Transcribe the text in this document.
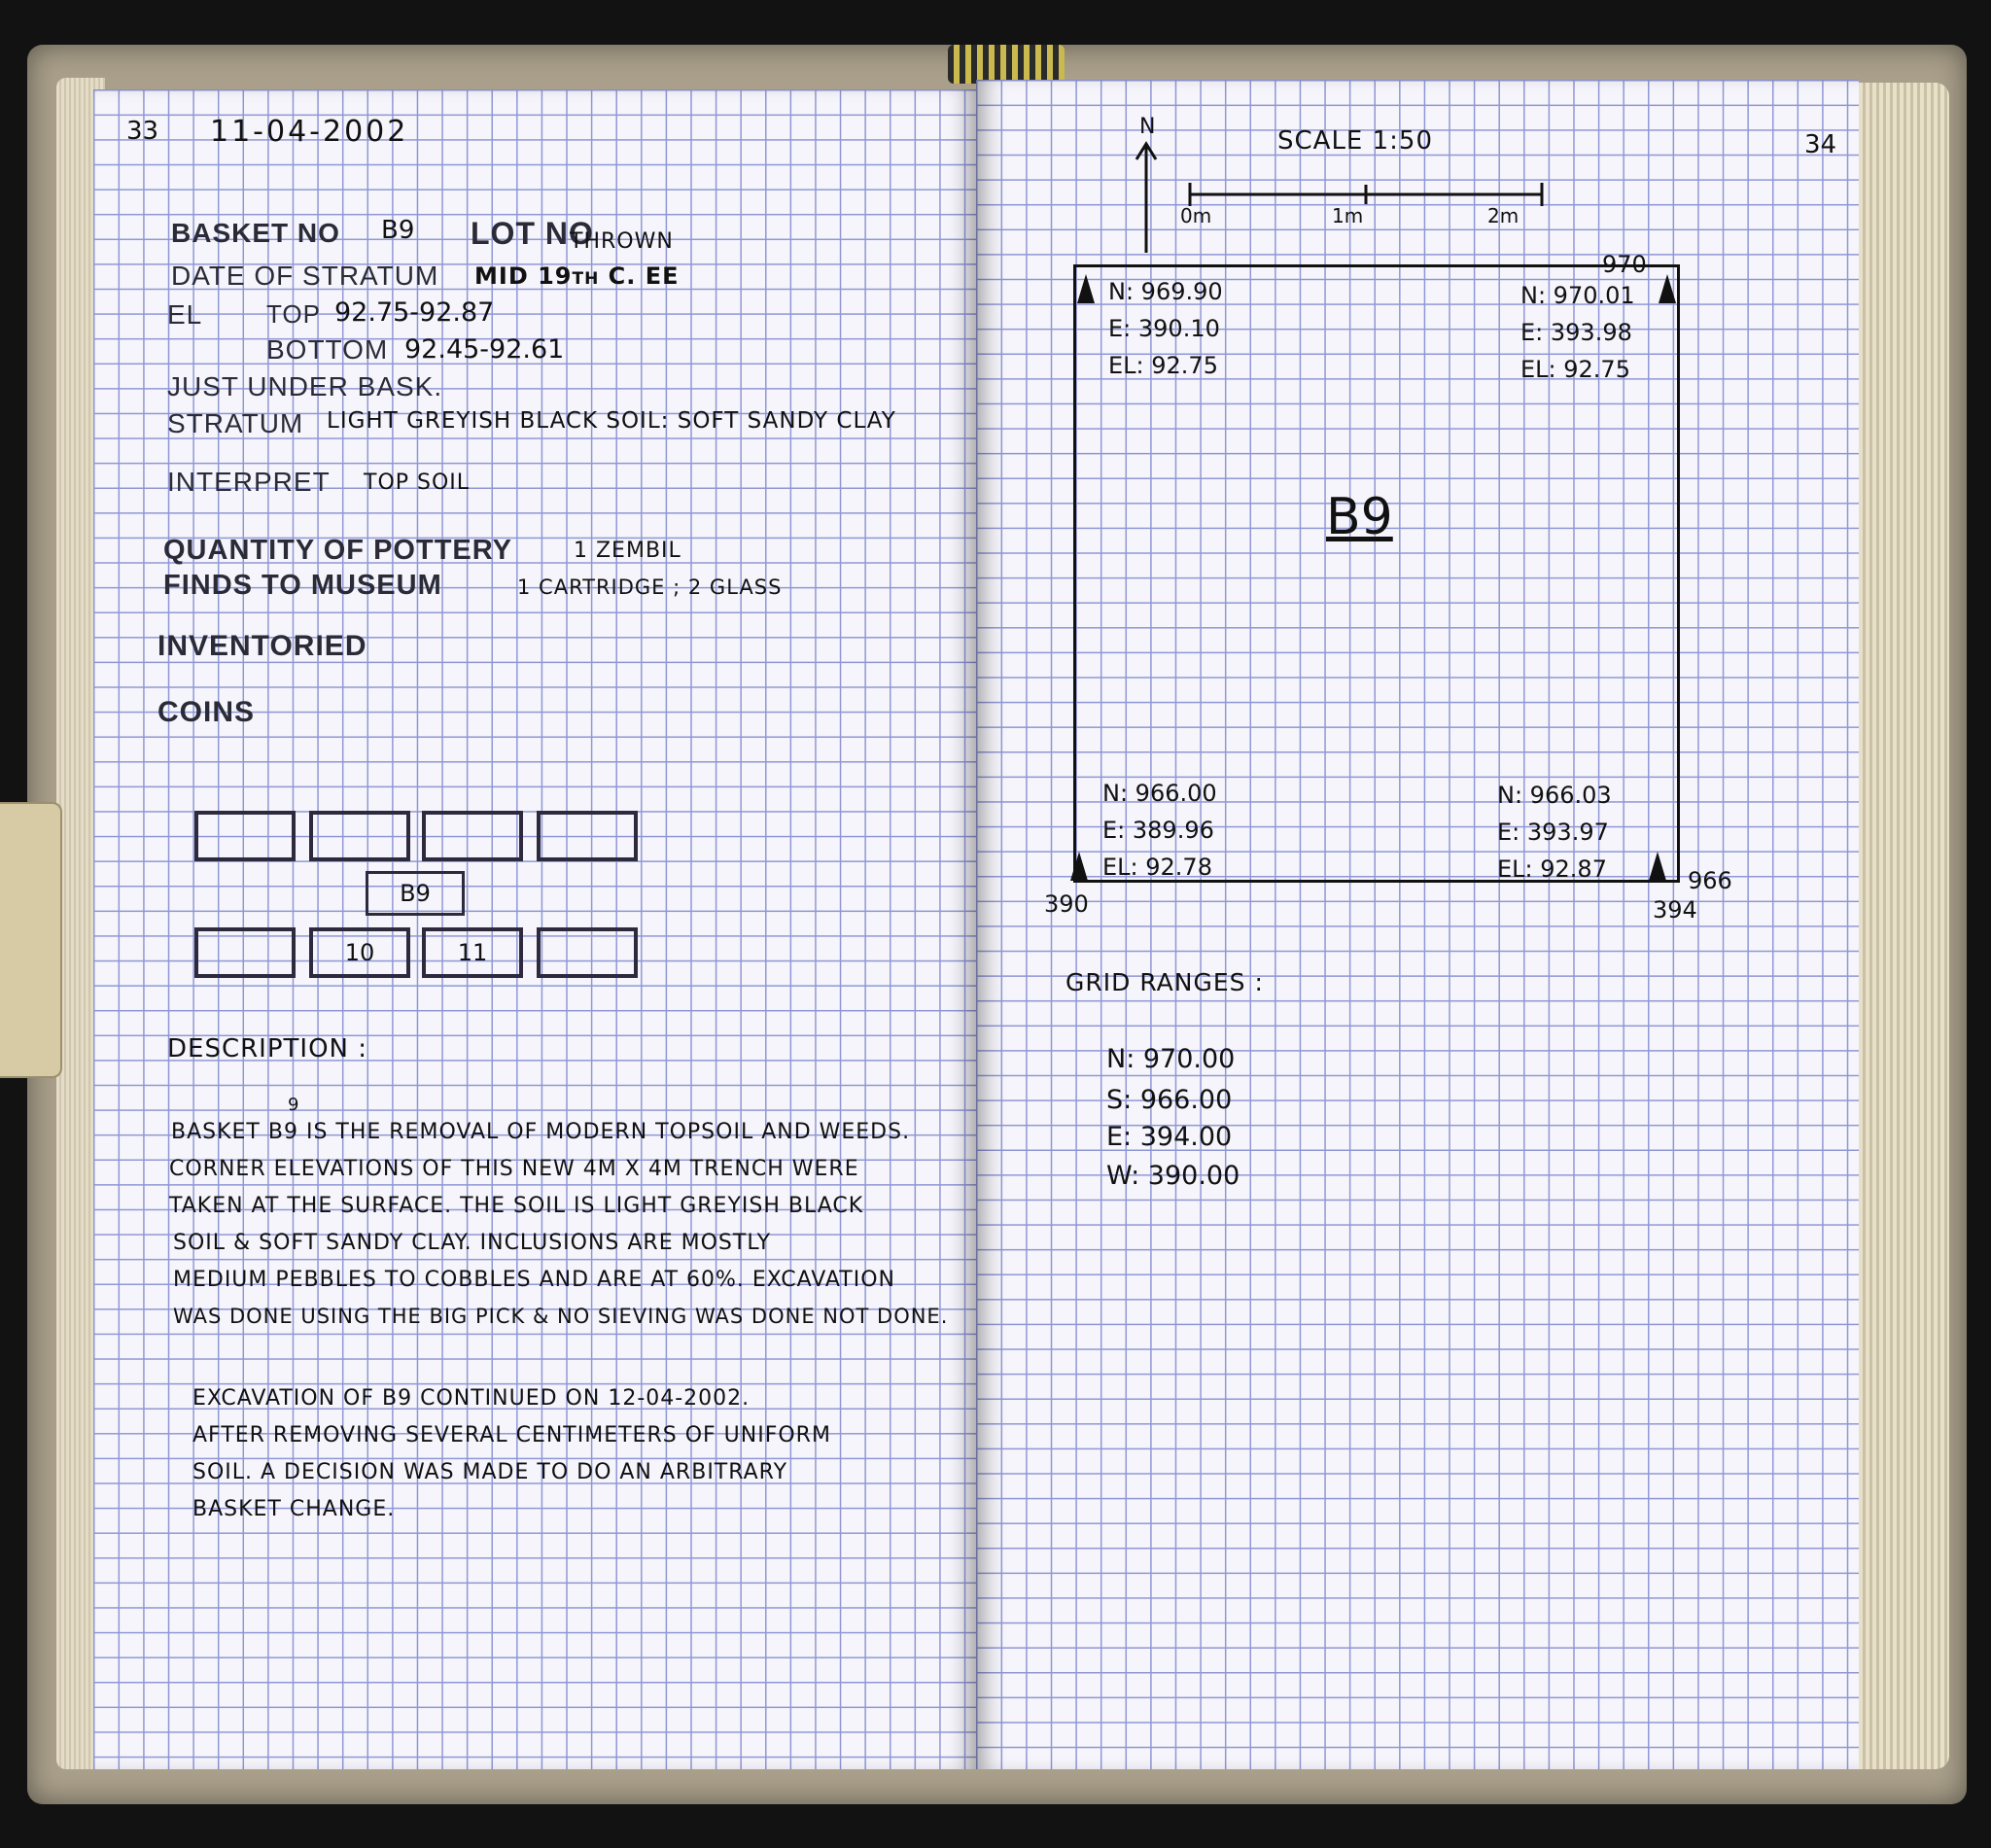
33 11-04-2002
BASKET NO B9 LOT NO
THROWN
DATE OF STRATUM MID 19th C. EE
EL	TOP 92.75-92.87
BOTTOM 92.45-92.61
JUST UNDER BASK.
STRATUM LIGHT GREYISH BLACK SOIL: SOFT SANDY CLAY
INTERPRET TOP SOIL
QUANTITY OF POTTERY	1 ZEMBIL
FINDS TO MUSEUM	1 CARTRIDGE ; 2 GLASS
INVENTORIED
COINS
B9
10	11
DESCRIPTION :
9
BASKET B9 IS THE REMOVAL OF MODERN TOPSOIL AND WEEDS.
CORNER ELEVATIONS OF THIS NEW 4M X 4M TRENCH WERE
TAKEN AT THE SURFACE. THE SOIL IS LIGHT GREYISH BLACK
SOIL & SOFT SANDY CLAY. INCLUSIONS ARE MOSTLY
MEDIUM PEBBLES TO COBBLES AND ARE AT 60%. EXCAVATION
WAS DONE USING THE BIG PICK & NO SIEVING WAS DONE NOT DONE.
EXCAVATION OF B9 CONTINUED ON 12-04-2002.
AFTER REMOVING SEVERAL CENTIMETERS OF UNIFORM
SOIL. A DECISION WAS MADE TO DO AN ARBITRARY
BASKET CHANGE.
34
N	SCALE 1:50
0m	1m	2m
970
N: 969.90
E: 390.10
EL: 92.75
N: 970.01
E: 393.98
EL: 92.75
B9
N: 966.00
E: 389.96
EL: 92.78
N: 966.03
E: 393.97
EL: 92.87	966
390	394
GRID RANGES :
N: 970.00
S: 966.00
E: 394.00
W: 390.00
